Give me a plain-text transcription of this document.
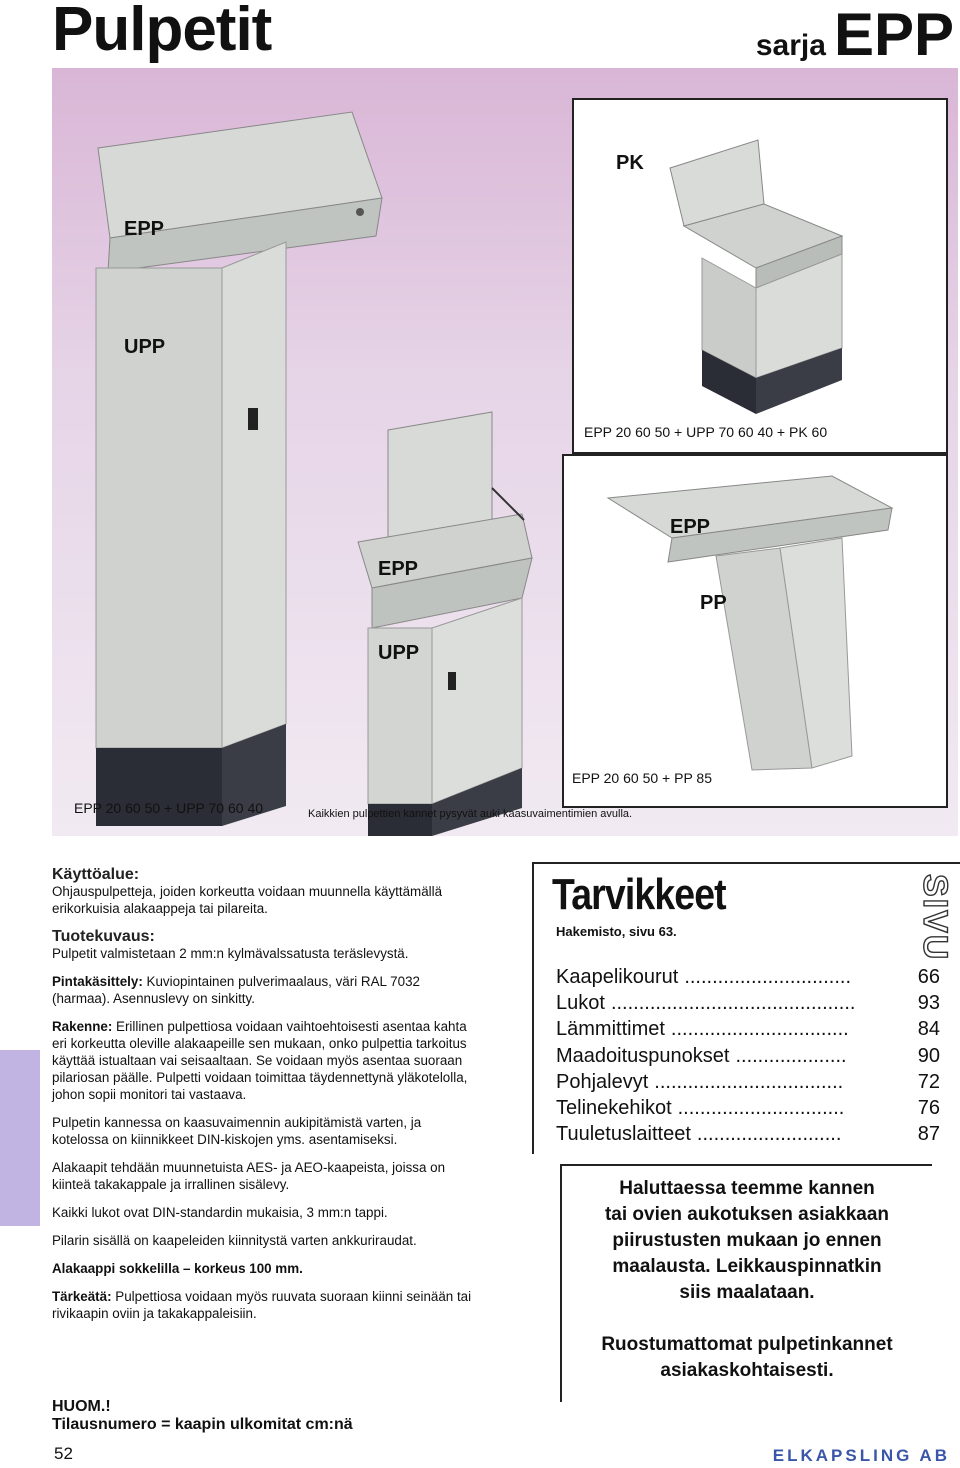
Pulpetit	sarja EPP
EPP
UPP
PK
EPP
UPP
EPP
PP
EPP 20 60 50 + UPP 70 60 40 + PK 60
EPP 20 60 50 + PP 85
EPP 20 60 50 + UPP 70 60 40	Kaikkien pulpettien kannet pysyvät auki kaasuvaimentimien avulla.

Käyttöalue:
Ohjauspulpetteja, joiden korkeutta voidaan muunnella käyttämällä erikorkuisia alakaappeja tai pilareita.

Tuotekuvaus:
Pulpetit valmistetaan 2 mm:n kylmävalssatusta teräslevystä.

Pintakäsittely: Kuviopintainen pulverimaalaus, väri RAL 7032 (harmaa). Asennuslevy on sinkitty.

Rakenne: Erillinen pulpettiosa voidaan vaihtoehtoisesti asentaa kahta eri korkeutta oleville alakaapeille sen mukaan, onko pulpettia tarkoitus käyttää istualtaan vai seisaaltaan. Se voidaan myös asentaa suoraan pilariosan päälle. Pulpetti voidaan toimittaa täydennettynä yläkotelolla, johon sopii monitori tai vastaava.

Pulpetin kannessa on kaasuvaimennin aukipitämistä varten, ja kotelossa on kiinnikkeet DIN-kiskojen yms. asentamiseksi.

Alakaapit tehdään muunnetuista AES- ja AEO-kaapeista, joissa on kiinteä takakappale ja irrallinen sisälevy.

Kaikki lukot ovat DIN-standardin mukaisia, 3 mm:n tappi.

Pilarin sisällä on kaapeleiden kiinnitystä varten ankkuriraudat.

Alakaappi sokkelilla – korkeus 100 mm.

Tärkeätä: Pulpettiosa voidaan myös ruuvata suoraan kiinni seinään tai rivikaapin oviin ja takakappaleisiin.

Tarvikkeet
Hakemisto, sivu 63.	SIVU
Kaapelikourut ..............................	66
Lukot ............................................	93
Lämmittimet ................................	84
Maadoituspunokset ....................	90
Pohjalevyt ..................................	72
Telinekehikot ..............................	76
Tuuletuslaitteet ..........................	87
Haluttaessa teemme kannen
tai ovien aukotuksen asiakkaan
piirustusten mukaan jo ennen
maalausta. Leikkauspinnatkin
siis maalataan.
Ruostumattomat pulpetinkannet
asiakaskohtaisesti.
HUOM.!
Tilausnumero = kaapin ulkomitat cm:nä
52	ELKAPSLING AB
